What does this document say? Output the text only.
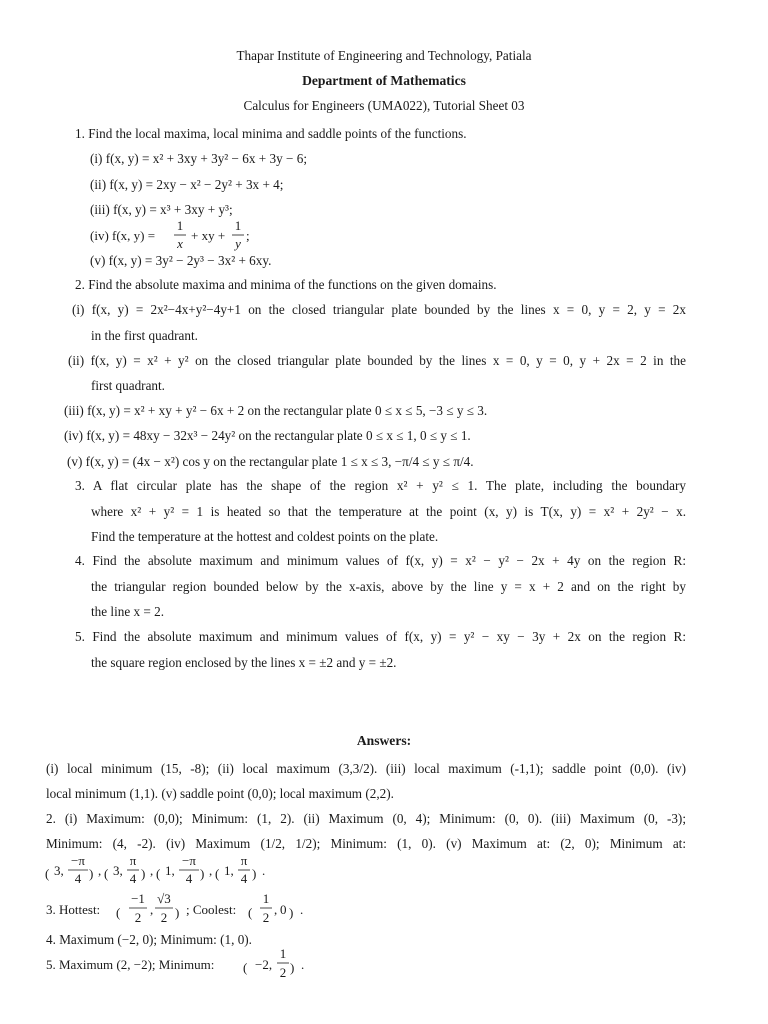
Thapar Institute of Engineering and Technology, Patiala
Department of Mathematics
Calculus for Engineers (UMA022), Tutorial Sheet 03
1. Find the local maxima, local minima and saddle points of the functions.
(i) f(x, y) = x² + 3xy + 3y² − 6x + 3y − 6;
(ii) f(x, y) = 2xy − x² − 2y² + 3x + 4;
(iii) f(x, y) = x³ + 3xy + y³;
(iv) f(x, y) =
1
x
+ xy +
1
y
;
(v) f(x, y) = 3y² − 2y³ − 3x² + 6xy.
2. Find the absolute maxima and minima of the functions on the given domains.
(i) f(x, y) = 2x²−4x+y²−4y+1 on the closed triangular plate bounded by the lines x = 0, y = 2, y = 2x
in the first quadrant.
(ii) f(x, y) = x² + y² on the closed triangular plate bounded by the lines x = 0, y = 0, y + 2x = 2 in the
first quadrant.
(iii) f(x, y) = x² + xy + y² − 6x + 2 on the rectangular plate 0 ≤ x ≤ 5, −3 ≤ y ≤ 3.
(iv) f(x, y) = 48xy − 32x³ − 24y² on the rectangular plate 0 ≤ x ≤ 1, 0 ≤ y ≤ 1.
(v) f(x, y) = (4x − x²) cos y on the rectangular plate 1 ≤ x ≤ 3, −π/4 ≤ y ≤ π/4.
3. A flat circular plate has the shape of the region x² + y² ≤ 1. The plate, including the boundary
where x² + y² = 1 is heated so that the temperature at the point (x, y) is T(x, y) = x² + 2y² − x.
Find the temperature at the hottest and coldest points on the plate.
4. Find the absolute maximum and minimum values of f(x, y) = x² − y² − 2x + 4y on the region R:
the triangular region bounded below by the x-axis, above by the line y = x + 2 and on the right by
the line x = 2.
5. Find the absolute maximum and minimum values of f(x, y) = y² − xy − 3y + 2x on the region R:
the square region enclosed by the lines x = ±2 and y = ±2.
Answers:
(i) local minimum (15, -8); (ii) local maximum (3,3/2). (iii) local maximum (-1,1); saddle point (0,0). (iv)
local minimum (1,1). (v) saddle point (0,0); local maximum (2,2).
2. (i) Maximum: (0,0); Minimum: (1, 2). (ii) Maximum (0, 4); Minimum: (0, 0). (iii) Maximum (0, -3);
Minimum: (4, -2). (iv) Maximum (1/2, 1/2); Minimum: (1, 0). (v) Maximum at: (2, 0); Minimum at:
( 3,
−π
4 ) , ( 3,
π
4 ) , ( 1,
−π
4 ) , ( 1,
π
4 ) .
3. Hottest: (
−1
2
,
√3
2 ) ; Coolest: (
1
2
, 0 ) .
4. Maximum (−2, 0); Minimum: (1, 0).
5. Maximum (2, −2); Minimum: ( −2,
1
2 ) .
